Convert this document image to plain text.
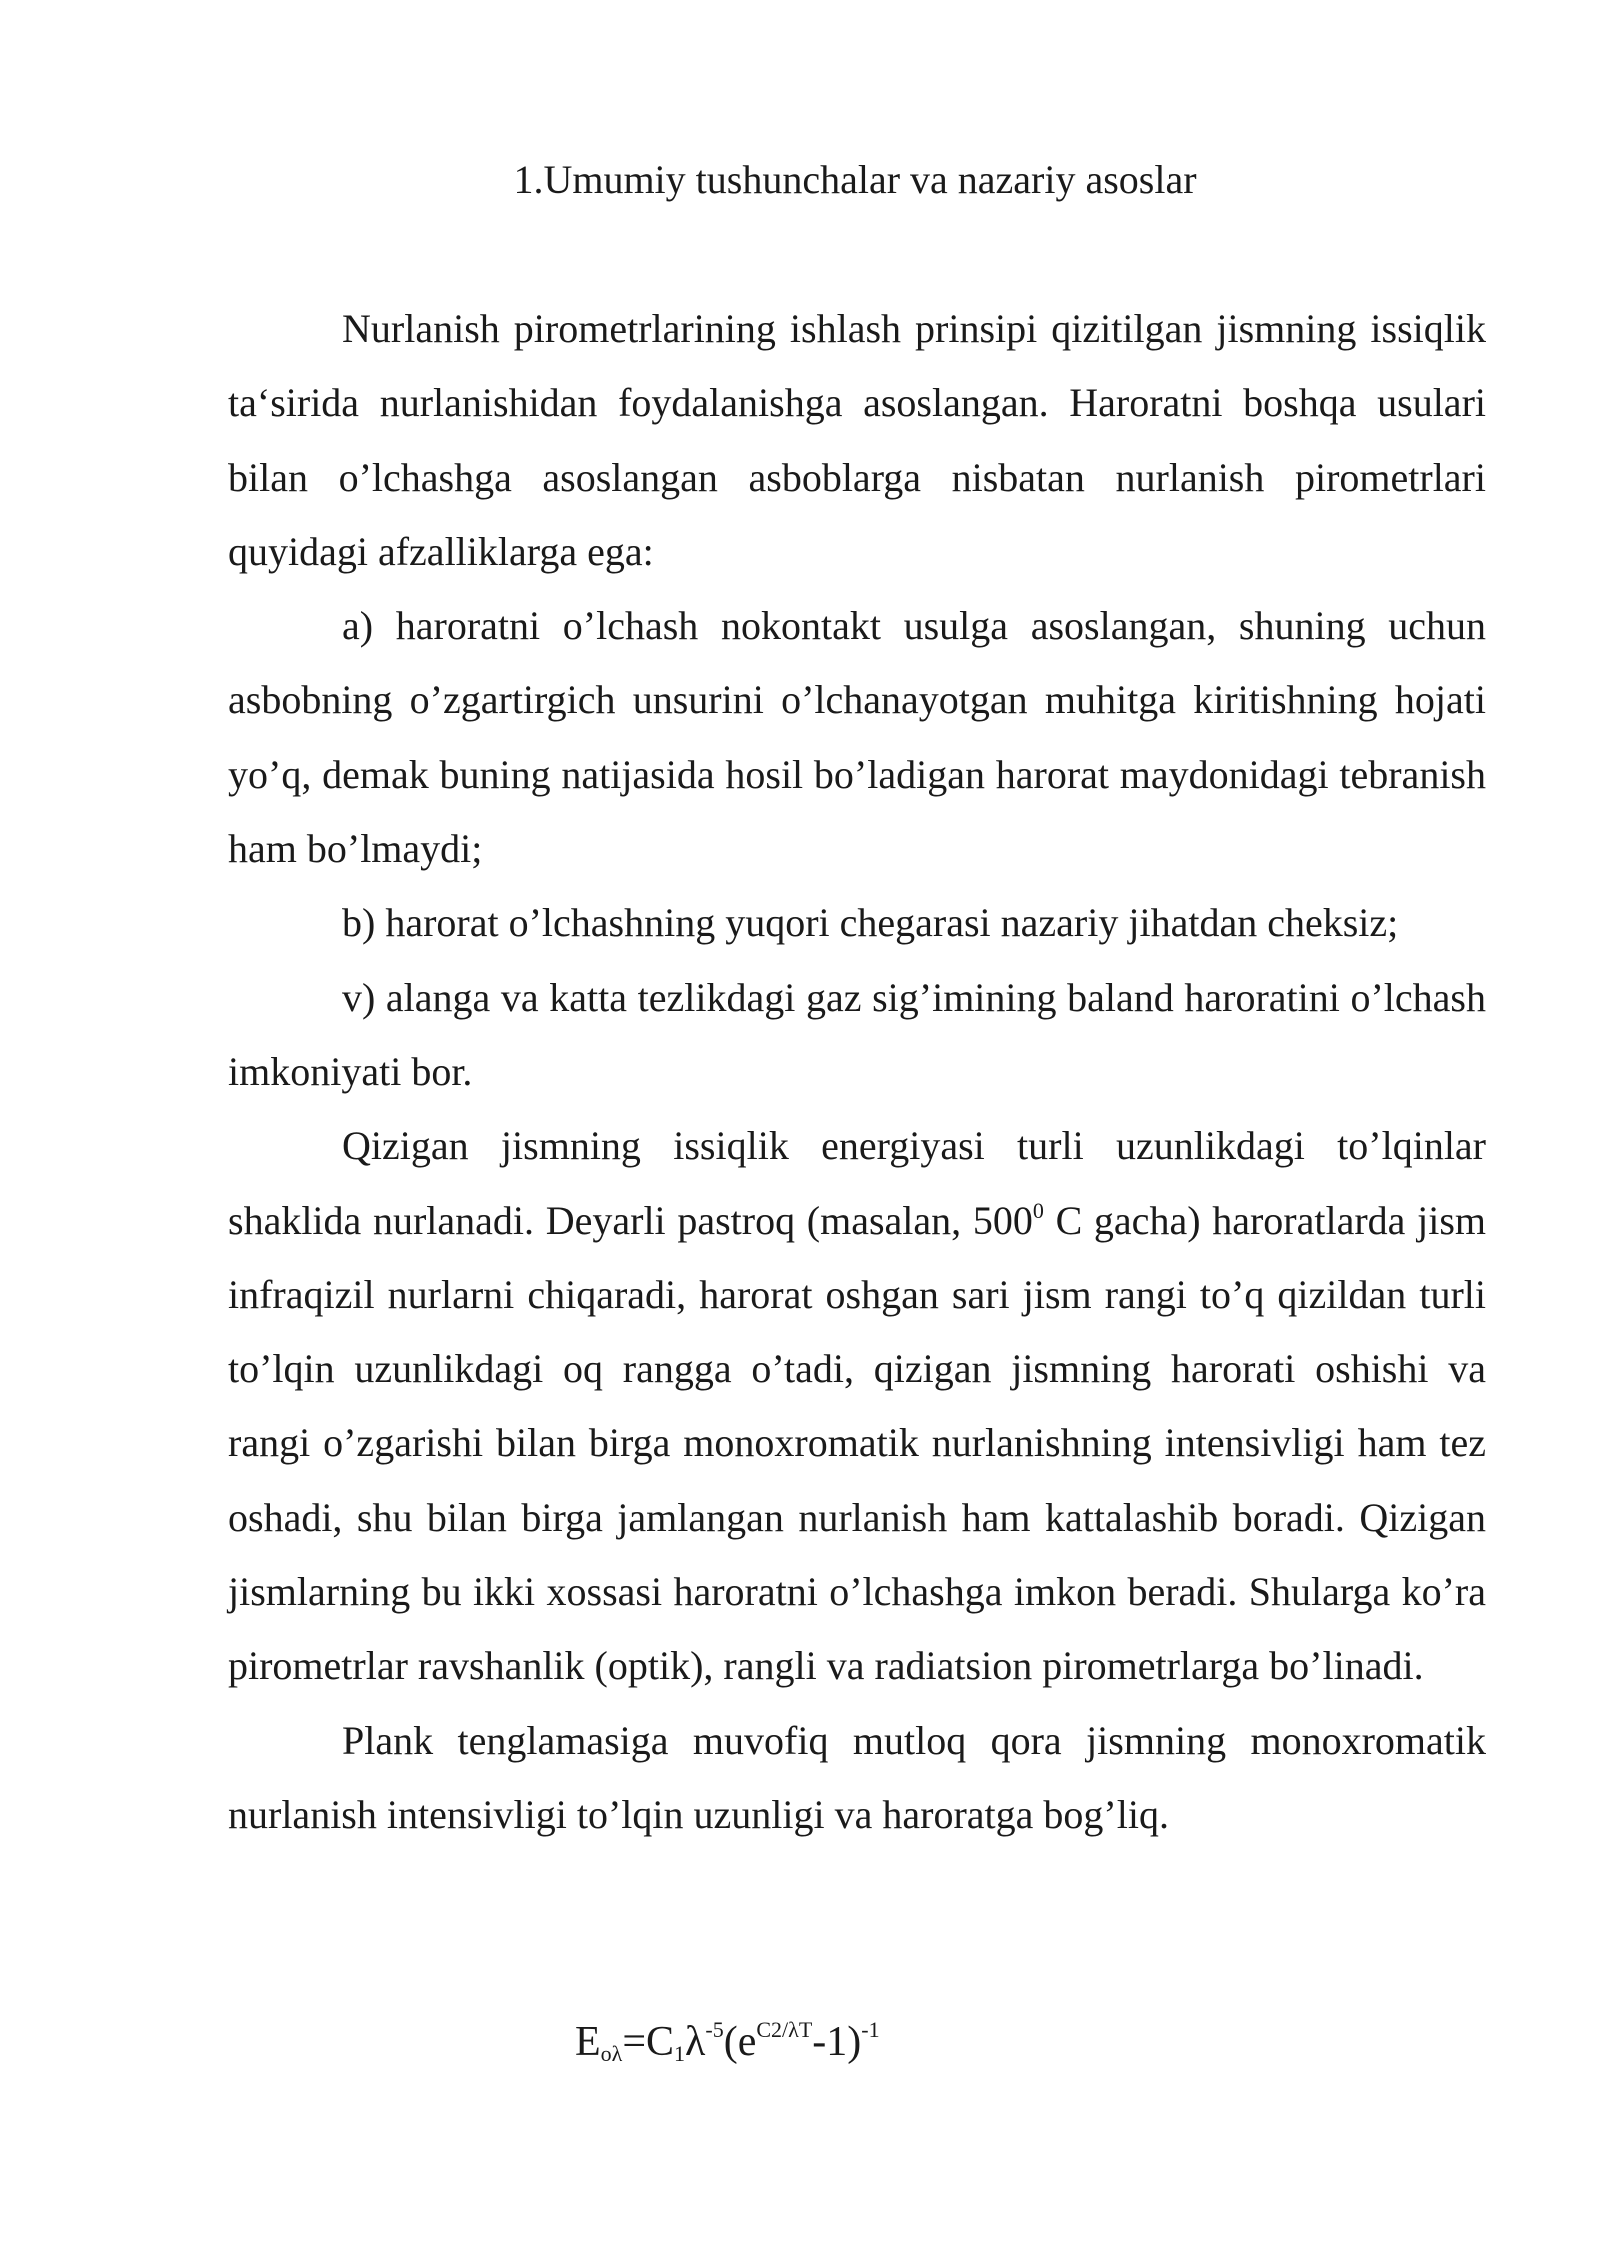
1.Umumiy tushunchalar va nazariy asoslar

Nurlanish pirometrlarining ishlash prinsipi qizitilgan jismning issiqlik ta‘sirida nurlanishidan foydalanishga asoslangan. Haroratni boshqa usulari bilan o’lchashga asoslangan asboblarga nisbatan nurlanish pirometrlari quyidagi afzalliklarga ega:

a) haroratni o’lchash nokontakt usulga asoslangan, shuning uchun asbobning o’zgartirgich unsurini o’lchanayotgan muhitga kiritishning hojati yo’q, demak buning natijasida hosil bo’ladigan harorat maydonidagi tebranish ham bo’lmaydi;

b) harorat o’lchashning yuqori chegarasi nazariy jihatdan cheksiz;

v) alanga va katta tezlikdagi gaz sig’imining baland haroratini o’lchash imkoniyati bor.

Qizigan jismning issiqlik energiyasi turli uzunlikdagi to’lqinlar shaklida nurlanadi. Deyarli pastroq (masalan, $500^0$ C gacha) haroratlarda jism infraqizil nurlarni chiqaradi, harorat oshgan sari jism rangi to’q qizildan turli to’lqin uzunlikdagi oq rangga o’tadi, qizigan jismning harorati oshishi va rangi o’zgarishi bilan birga monoxromatik nurlanishning intensivligi ham tez oshadi, shu bilan birga jamlangan nurlanish ham kattalashib boradi. Qizigan jismlarning bu ikki xossasi haroratni o’lchashga imkon beradi. Shularga ko’ra pirometrlar ravshanlik (optik), rangli va radiatsion pirometrlarga bo’linadi.

Plank tenglamasiga muvofiq mutloq qora jismning monoxromatik nurlanish intensivligi to’lqin uzunligi va haroratga bog’liq.

$E_{o\lambda}=C_1\lambda^{-5}(e^{C2/\lambda T}-1)^{-1}$
